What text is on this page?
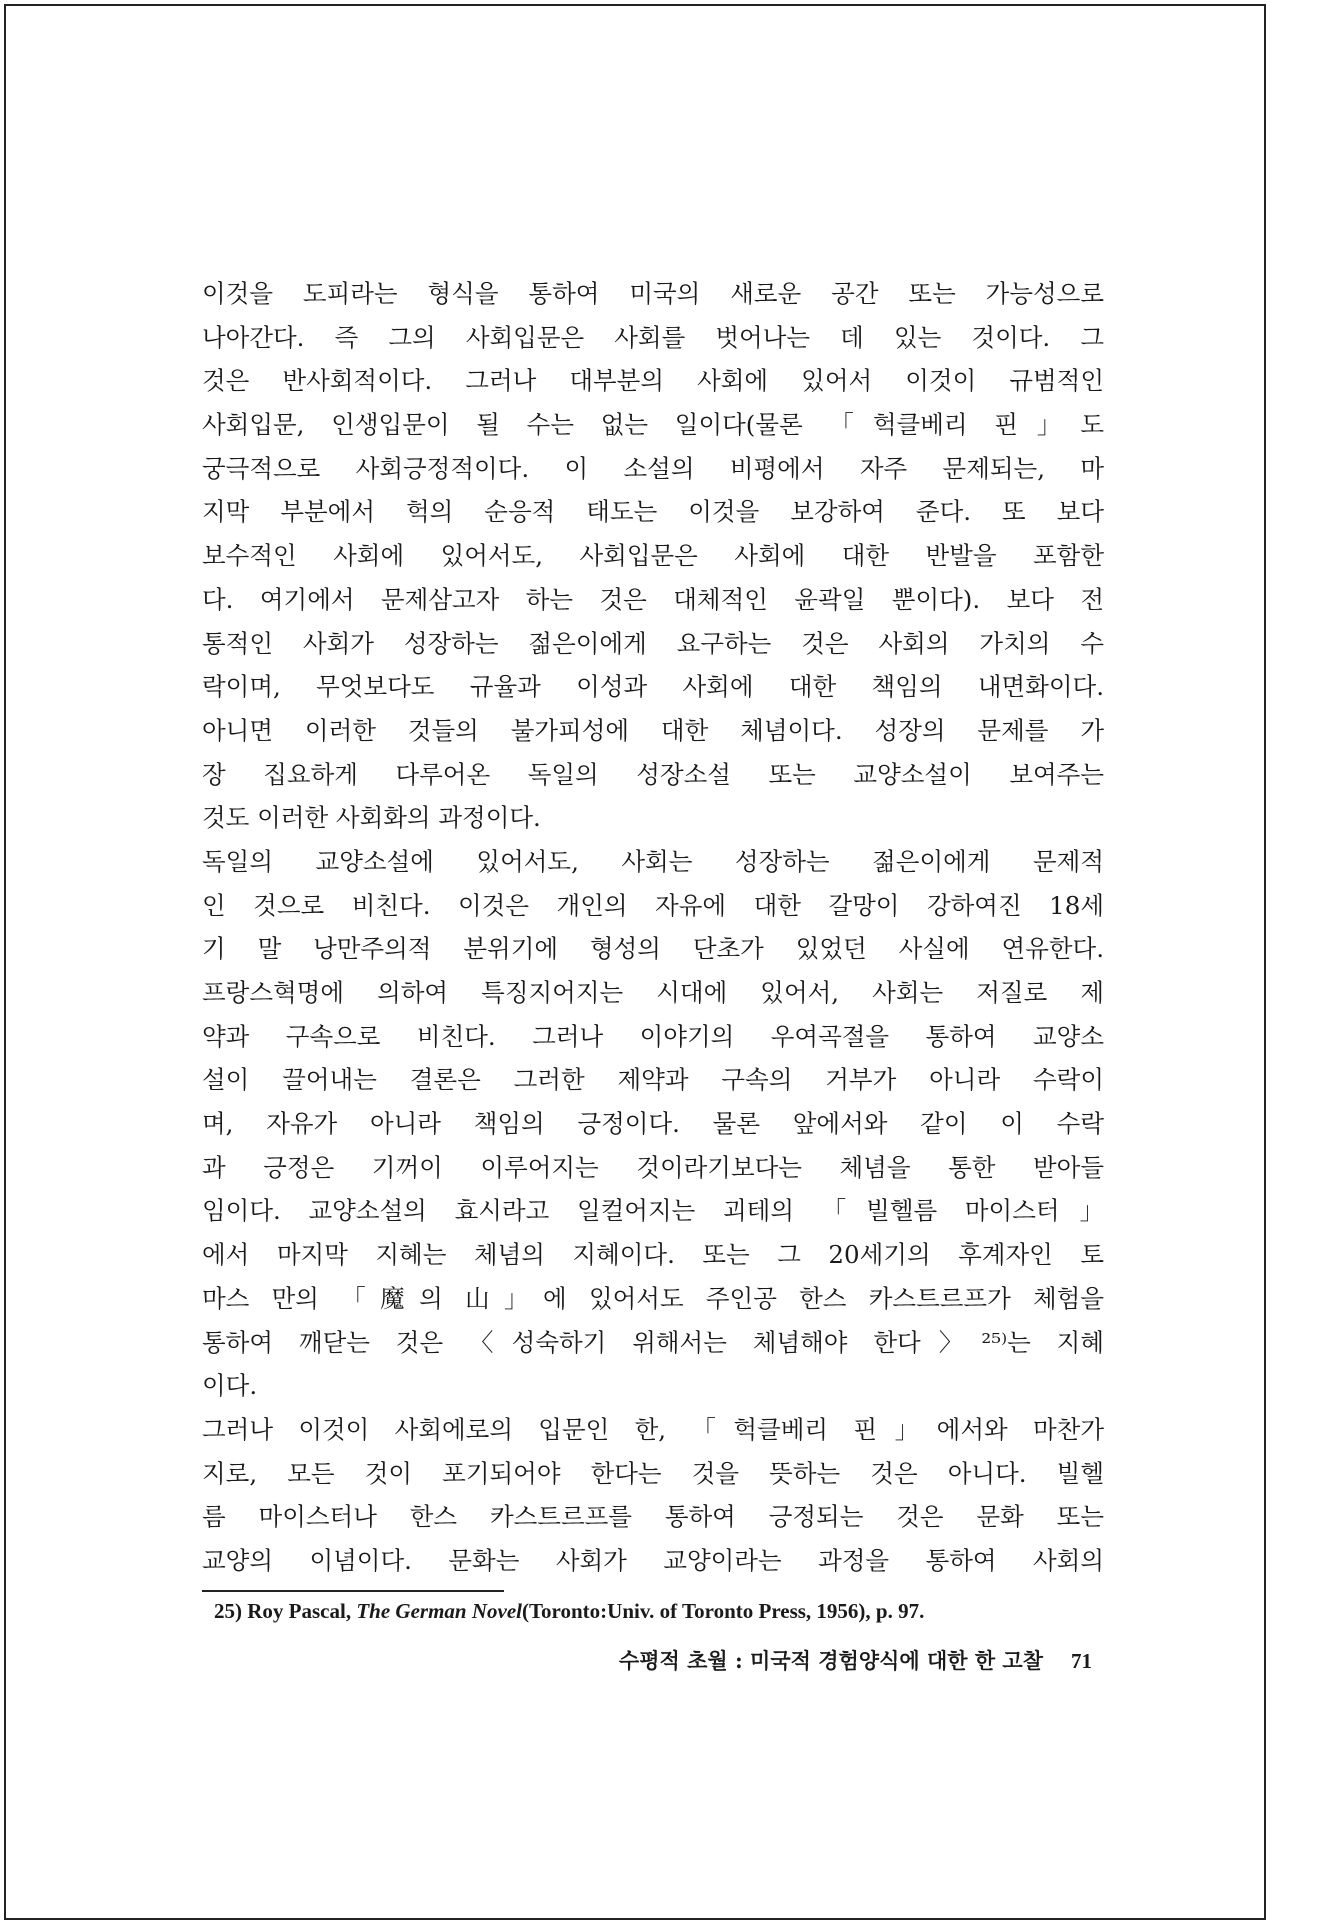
이것을 도피라는 형식을 통하여 미국의 새로운 공간 또는 가능성으로
나아간다. 즉 그의 사회입문은 사회를 벗어나는 데 있는 것이다. 그
것은 반사회적이다. 그러나 대부분의 사회에 있어서 이것이 규범적인
사회입문, 인생입문이 될 수는 없는 일이다(물론 「헉클베리 핀」도
궁극적으로 사회긍정적이다. 이 소설의 비평에서 자주 문제되는, 마
지막 부분에서 헉의 순응적 태도는 이것을 보강하여 준다. 또 보다
보수적인 사회에 있어서도, 사회입문은 사회에 대한 반발을 포함한
다. 여기에서 문제삼고자 하는 것은 대체적인 윤곽일 뿐이다). 보다 전
통적인 사회가 성장하는 젊은이에게 요구하는 것은 사회의 가치의 수
락이며, 무엇보다도 규율과 이성과 사회에 대한 책임의 내면화이다.
아니면 이러한 것들의 불가피성에 대한 체념이다. 성장의 문제를 가
장 집요하게 다루어온 독일의 성장소설 또는 교양소설이 보여주는
것도 이러한 사회화의 과정이다.
독일의 교양소설에 있어서도, 사회는 성장하는 젊은이에게 문제적
인 것으로 비친다. 이것은 개인의 자유에 대한 갈망이 강하여진 18세
기 말 낭만주의적 분위기에 형성의 단초가 있었던 사실에 연유한다.
프랑스혁명에 의하여 특징지어지는 시대에 있어서, 사회는 저질로 제
약과 구속으로 비친다. 그러나 이야기의 우여곡절을 통하여 교양소
설이 끌어내는 결론은 그러한 제약과 구속의 거부가 아니라 수락이
며, 자유가 아니라 책임의 긍정이다. 물론 앞에서와 같이 이 수락
과 긍정은 기꺼이 이루어지는 것이라기보다는 체념을 통한 받아들
임이다. 교양소설의 효시라고 일컬어지는 괴테의 「빌헬름 마이스터」
에서 마지막 지혜는 체념의 지혜이다. 또는 그 20세기의 후계자인 토
마스 만의 「魔의 山」에 있어서도 주인공 한스 카스트르프가 체험을
통하여 깨닫는 것은 〈성숙하기 위해서는 체념해야 한다〉²⁵⁾는 지혜
이다.
그러나 이것이 사회에로의 입문인 한, 「헉클베리 핀」에서와 마찬가
지로, 모든 것이 포기되어야 한다는 것을 뜻하는 것은 아니다. 빌헬
름 마이스터나 한스 카스트르프를 통하여 긍정되는 것은 문화 또는
교양의 이념이다. 문화는 사회가 교양이라는 과정을 통하여 사회의
25) Roy Pascal, The German Novel(Toronto:Univ. of Toronto Press, 1956), p. 97.
수평적 초월 : 미국적 경험양식에 대한 한 고찰 71
